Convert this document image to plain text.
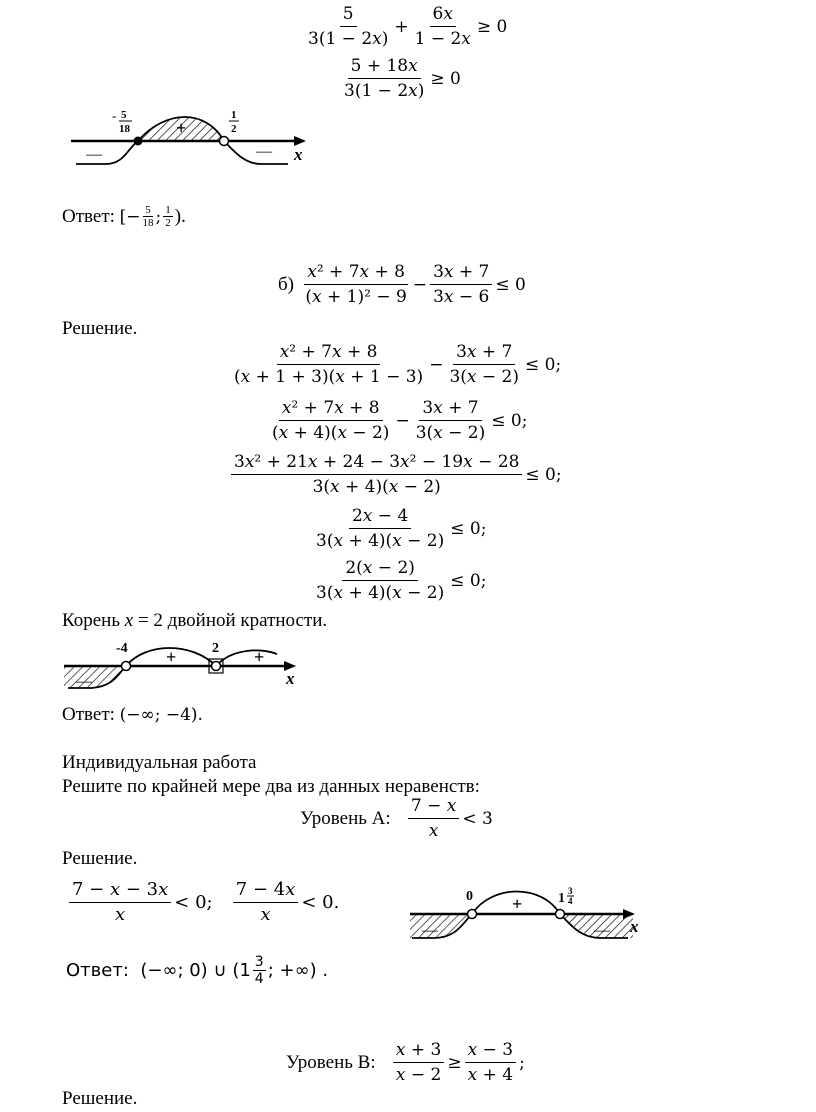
$\frac{5}{\text{3(1 − 2𝑥)}} + \frac{\text{6𝑥}}{\text{1 − 2𝑥}} \ge 0$
$\frac{\text{5 + 18𝑥}}{\text{3(1 − 2𝑥)}} \ge 0$
- 5
18
1
2
+
—	— x
Ответ:
[− $\frac{5}{18}$ ; 1
2 ).
б)
$\frac{\text{𝑥² + 7𝑥 + 8}}{\text{(𝑥 + 1)² − 9}} - \frac{\text{3𝑥 + 7}}{\text{3𝑥 − 6}} \le 0$
Решение.
$\frac{\text{𝑥² + 7𝑥 + 8}}{\text{(𝑥 + 1 + 3)(𝑥 + 1 − 3)}} - \frac{\text{3𝑥 + 7}}{\text{3(𝑥 − 2)}} \le 0$;
$\frac{\text{𝑥² + 7𝑥 + 8}}{\text{(𝑥 + 4)(𝑥 − 2)}} - \frac{\text{3𝑥 + 7}}{\text{3(𝑥 − 2)}} \le 0$;
$\frac{\text{3𝑥² + 21𝑥 + 24 − 3𝑥² − 19𝑥 − 28}}{\text{3(𝑥 + 4)(𝑥 − 2)}} \le 0$;
$\frac{\text{2𝑥 − 4}}{\text{3(𝑥 + 4)(𝑥 − 2)}} \le 0$;
$\frac{\text{2(𝑥 − 2)}}{\text{3(𝑥 + 4)(𝑥 − 2)}} \le 0$;
Корень x = 2 двойной кратности.
-4	2
+	+
—	x
Ответ: (−∞; −4).
Индивидуальная работа
Решите по крайней мере два из данных неравенств:
Уровень А:
$\frac{\text{7 − 𝑥}}{\text{𝑥}} < 3$
Решение.
$\frac{\text{7 − 𝑥 − 3𝑥}}{\text{𝑥}} < 0$;
$\frac{\text{7 − 4𝑥}}{\text{𝑥}} < 0$.
Ответ:
(−∞; 0) ∪ ($1 \frac{3}{4}$ ; +∞) .
0	1 3
4
+
—	— x
Уровень В:
$\frac{\text{𝑥 + 3}}{\text{𝑥 − 2}} \ge \frac{\text{𝑥 − 3}}{\text{𝑥 + 4}}$ ;
Решение.
